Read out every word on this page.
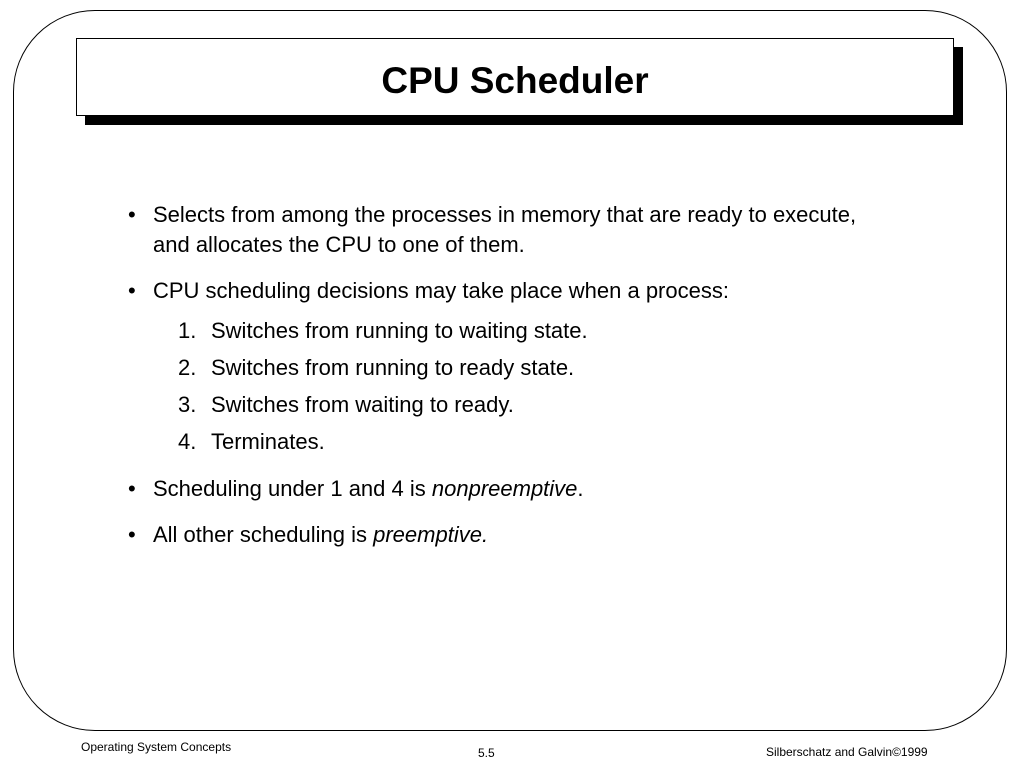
CPU Scheduler
• Selects from among the processes in memory that are ready to execute, and allocates the CPU to one of them.
• CPU scheduling decisions may take place when a process:
1. Switches from running to waiting state.
2. Switches from running to ready state.
3. Switches from waiting to ready.
4. Terminates.
• Scheduling under 1 and 4 is nonpreemptive.
• All other scheduling is preemptive.
Operating System Concepts	5.5	Silberschatz and Galvin©1999
